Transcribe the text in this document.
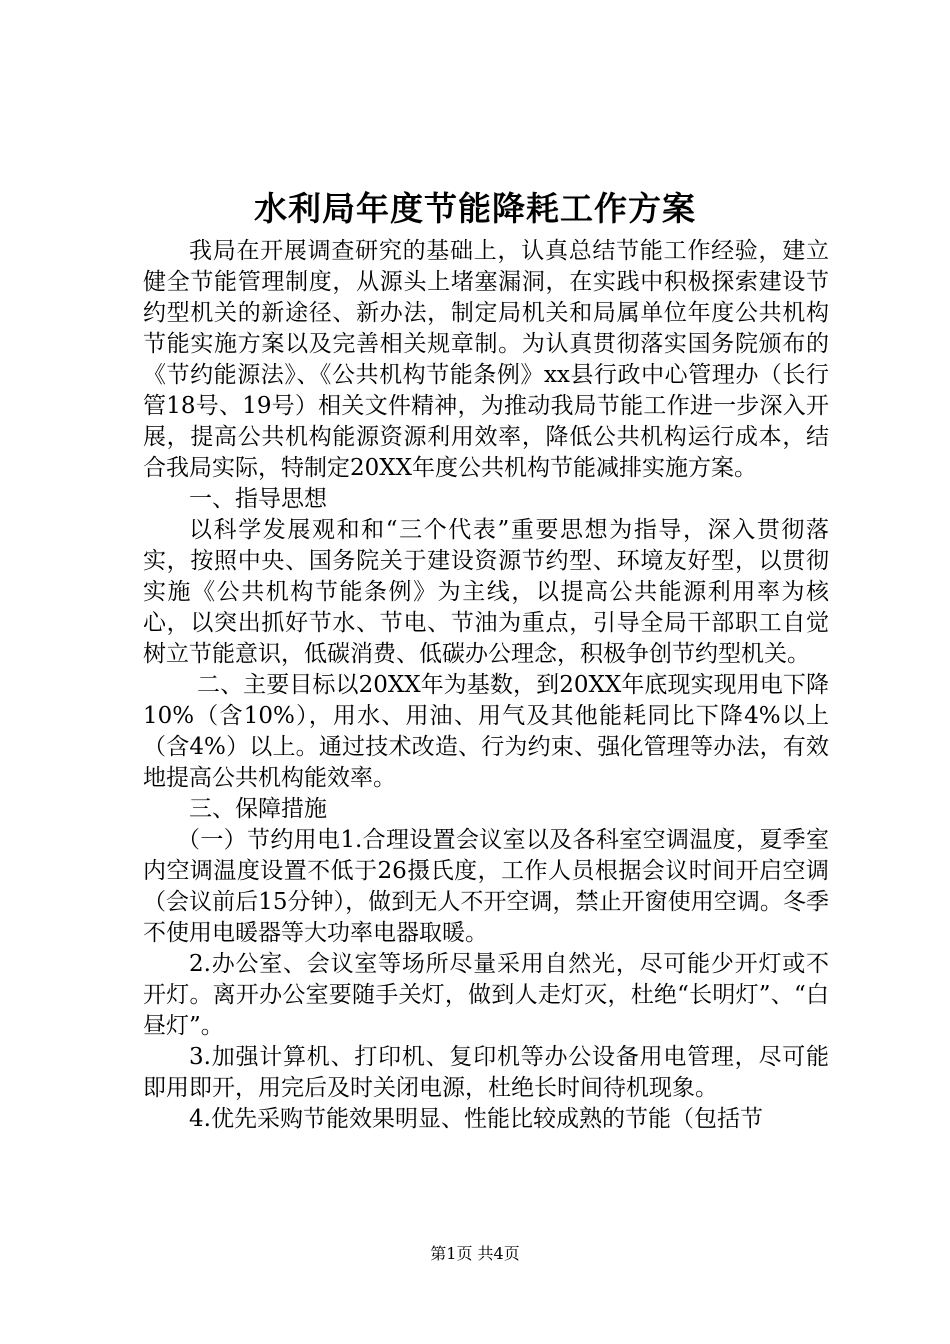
水利局年度节能降耗工作方案

我局在开展调查研究的基础上，认真总结节能工作经验，建立健全节能管理制度，从源头上堵塞漏洞，在实践中积极探索建设节约型机关的新途径、新办法，制定局机关和局属单位年度公共机构节能实施方案以及完善相关规章制。为认真贯彻落实国务院颁布的《节约能源法》、《公共机构节能条例》xx县行政中心管理办（长行管18号、19号）相关文件精神，为推动我局节能工作进一步深入开展，提高公共机构能源资源利用效率，降低公共机构运行成本，结合我局实际，特制定20XX年度公共机构节能减排实施方案。

一、指导思想

以科学发展观和和“三个代表”重要思想为指导，深入贯彻落实，按照中央、国务院关于建设资源节约型、环境友好型，以贯彻实施《公共机构节能条例》为主线，以提高公共能源利用率为核心，以突出抓好节水、节电、节油为重点，引导全局干部职工自觉树立节能意识，低碳消费、低碳办公理念，积极争创节约型机关。

二、主要目标以20XX年为基数，到20XX年底现实现用电下降10%（含10%），用水、用油、用气及其他能耗同比下降4%以上（含4%）以上。通过技术改造、行为约束、强化管理等办法，有效地提高公共机构能效率。

三、保障措施

（一）节约用电1.合理设置会议室以及各科室空调温度，夏季室内空调温度设置不低于26摄氏度，工作人员根据会议时间开启空调（会议前后15分钟），做到无人不开空调，禁止开窗使用空调。冬季不使用电暖器等大功率电器取暖。

2.办公室、会议室等场所尽量采用自然光，尽可能少开灯或不开灯。离开办公室要随手关灯，做到人走灯灭，杜绝“长明灯”、“白昼灯”。

3.加强计算机、打印机、复印机等办公设备用电管理，尽可能即用即开，用完后及时关闭电源，杜绝长时间待机现象。

4.优先采购节能效果明显、性能比较成熟的节能（包括节

第1页 共4页
